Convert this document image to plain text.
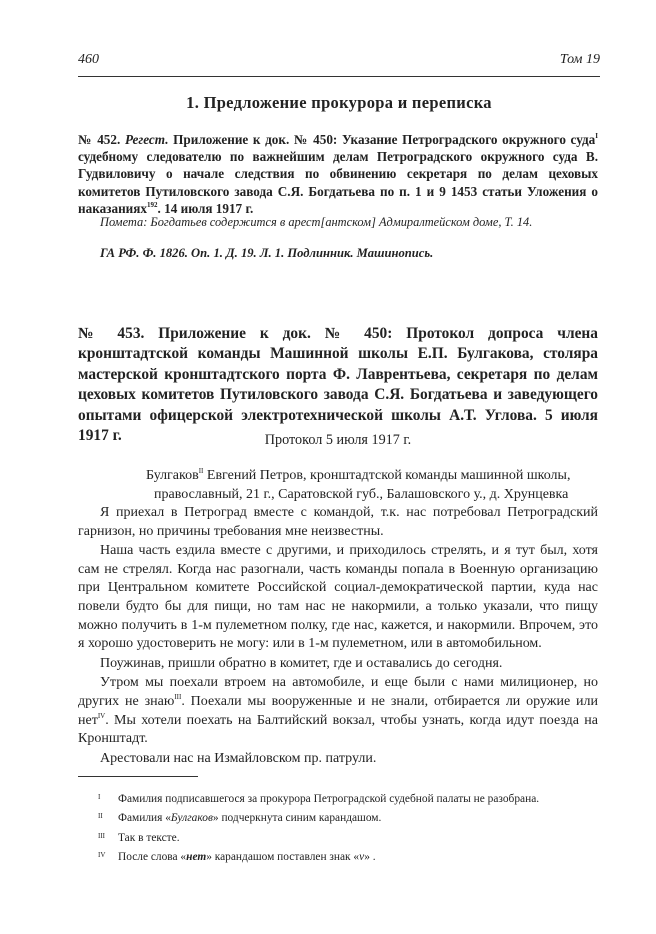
460	Том 19
1. Предложение прокурора и переписка
№ 452. Регест. Приложение к док. № 450: Указание Петроградского окружного суда$^I$ судебному следователю по важнейшим делам Петроградского окружного суда В. Гудвиловичу о начале следствия по обвинению секретаря по делам цеховых комитетов Путиловского завода С.Я. Богдатьева по п. 1 и 9 1453 статьи Уложения о наказаниях$^{192}$. 14 июля 1917 г.
Помета: Богдатьев содержится в арест[антском] Адмиралтейском доме, Т. 14.
ГА РФ. Ф. 1826. Оп. 1. Д. 19. Л. 1. Подлинник. Машинопись.
№ 453. Приложение к док. № 450: Протокол допроса члена кронштадтской команды Машинной школы Е.П. Булгакова, столяра мастерской кронштадтского порта Ф. Лаврентьева, секретаря по делам цеховых комитетов Путиловского завода С.Я. Богдатьева и заведующего опытами офицерской электротехнической школы А.Т. Углова. 5 июля 1917 г.	Протокол 5 июля 1917 г.
Булгаков$^{II}$ Евгений Петров, кронштадтской команды машинной школы,
православный, 21 г., Саратовской губ., Балашовского у., д. Хрунцевка

Я приехал в Петроград вместе с командой, т.к. нас потребовал Петроградский гарнизон, но причины требования мне неизвестны.

Наша часть ездила вместе с другими, и приходилось стрелять, и я тут был, хотя сам не стрелял. Когда нас разогнали, часть команды попала в Военную организацию при Центральном комитете Российской социал-демократической партии, куда нас повели будто бы для пищи, но там нас не накормили, а только указали, что пищу можно получить в 1-м пулеметном полку, где нас, кажется, и накормили. Впрочем, это я хорошо удостоверить не могу: или в 1-м пулеметном, или в автомобильном.

Поужинав, пришли обратно в комитет, где и оставались до сегодня.

Утром мы поехали втроем на автомобиле, и еще были с нами милиционер, но других не знаю$^{III}$. Поехали мы вооруженные и не знали, отбирается ли оружие или нет$^{IV}$. Мы хотели поехать на Балтийский вокзал, чтобы узнать, когда идут поезда на Кронштадт.

Арестовали нас на Измайловском пр. патрули.

I Фамилия подписавшегося за прокурора Петроградской судебной палаты не разобрана.
II Фамилия «Булгаков» подчеркнута синим карандашом.
III Так в тексте.
IV После слова «нет» карандашом поставлен знак «v» .
